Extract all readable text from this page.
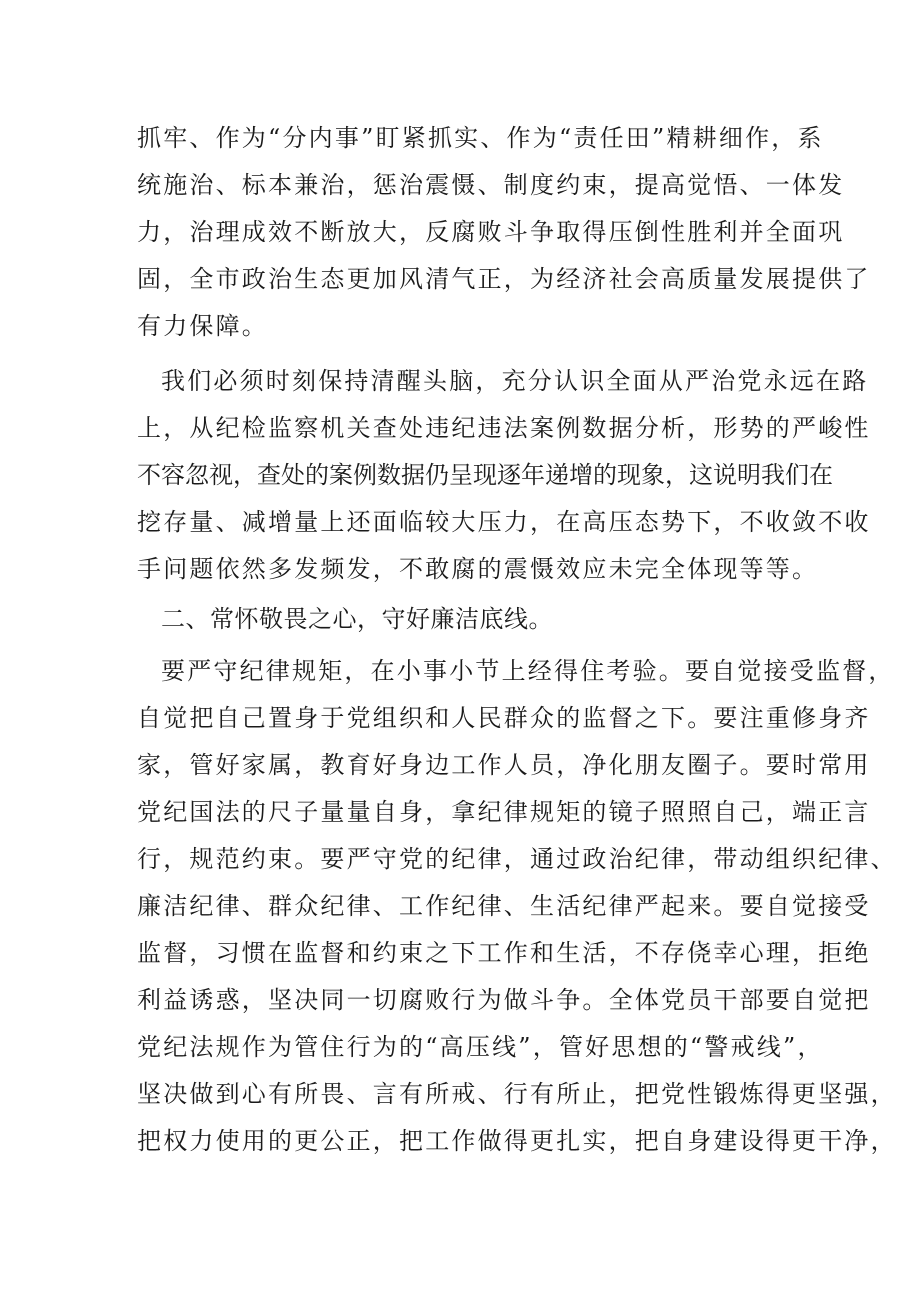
抓牢、作为“分内事”盯紧抓实、作为“责任田”精耕细作，系
统施治、标本兼治，惩治震慑、制度约束，提高觉悟、一体发
力，治理成效不断放大，反腐败斗争取得压倒性胜利并全面巩
固，全市政治生态更加风清气正，为经济社会高质量发展提供了
有力保障。
我们必须时刻保持清醒头脑，充分认识全面从严治党永远在路
上，从纪检监察机关查处违纪违法案例数据分析，形势的严峻性
不容忽视，查处的案例数据仍呈现逐年递增的现象，这说明我们在
挖存量、减增量上还面临较大压力，在高压态势下，不收敛不收
手问题依然多发频发，不敢腐的震慑效应未完全体现等等。
二、常怀敬畏之心，守好廉洁底线。
要严守纪律规矩，在小事小节上经得住考验。要自觉接受监督，
自觉把自己置身于党组织和人民群众的监督之下。要注重修身齐
家，管好家属，教育好身边工作人员，净化朋友圈子。要时常用
党纪国法的尺子量量自身，拿纪律规矩的镜子照照自己，端正言
行，规范约束。要严守党的纪律，通过政治纪律，带动组织纪律、
廉洁纪律、群众纪律、工作纪律、生活纪律严起来。要自觉接受
监督，习惯在监督和约束之下工作和生活，不存侥幸心理，拒绝
利益诱惑，坚决同一切腐败行为做斗争。全体党员干部要自觉把
党纪法规作为管住行为的“高压线”，管好思想的“警戒线”，
坚决做到心有所畏、言有所戒、行有所止，把党性锻炼得更坚强，
把权力使用的更公正，把工作做得更扎实，把自身建设得更干净，
